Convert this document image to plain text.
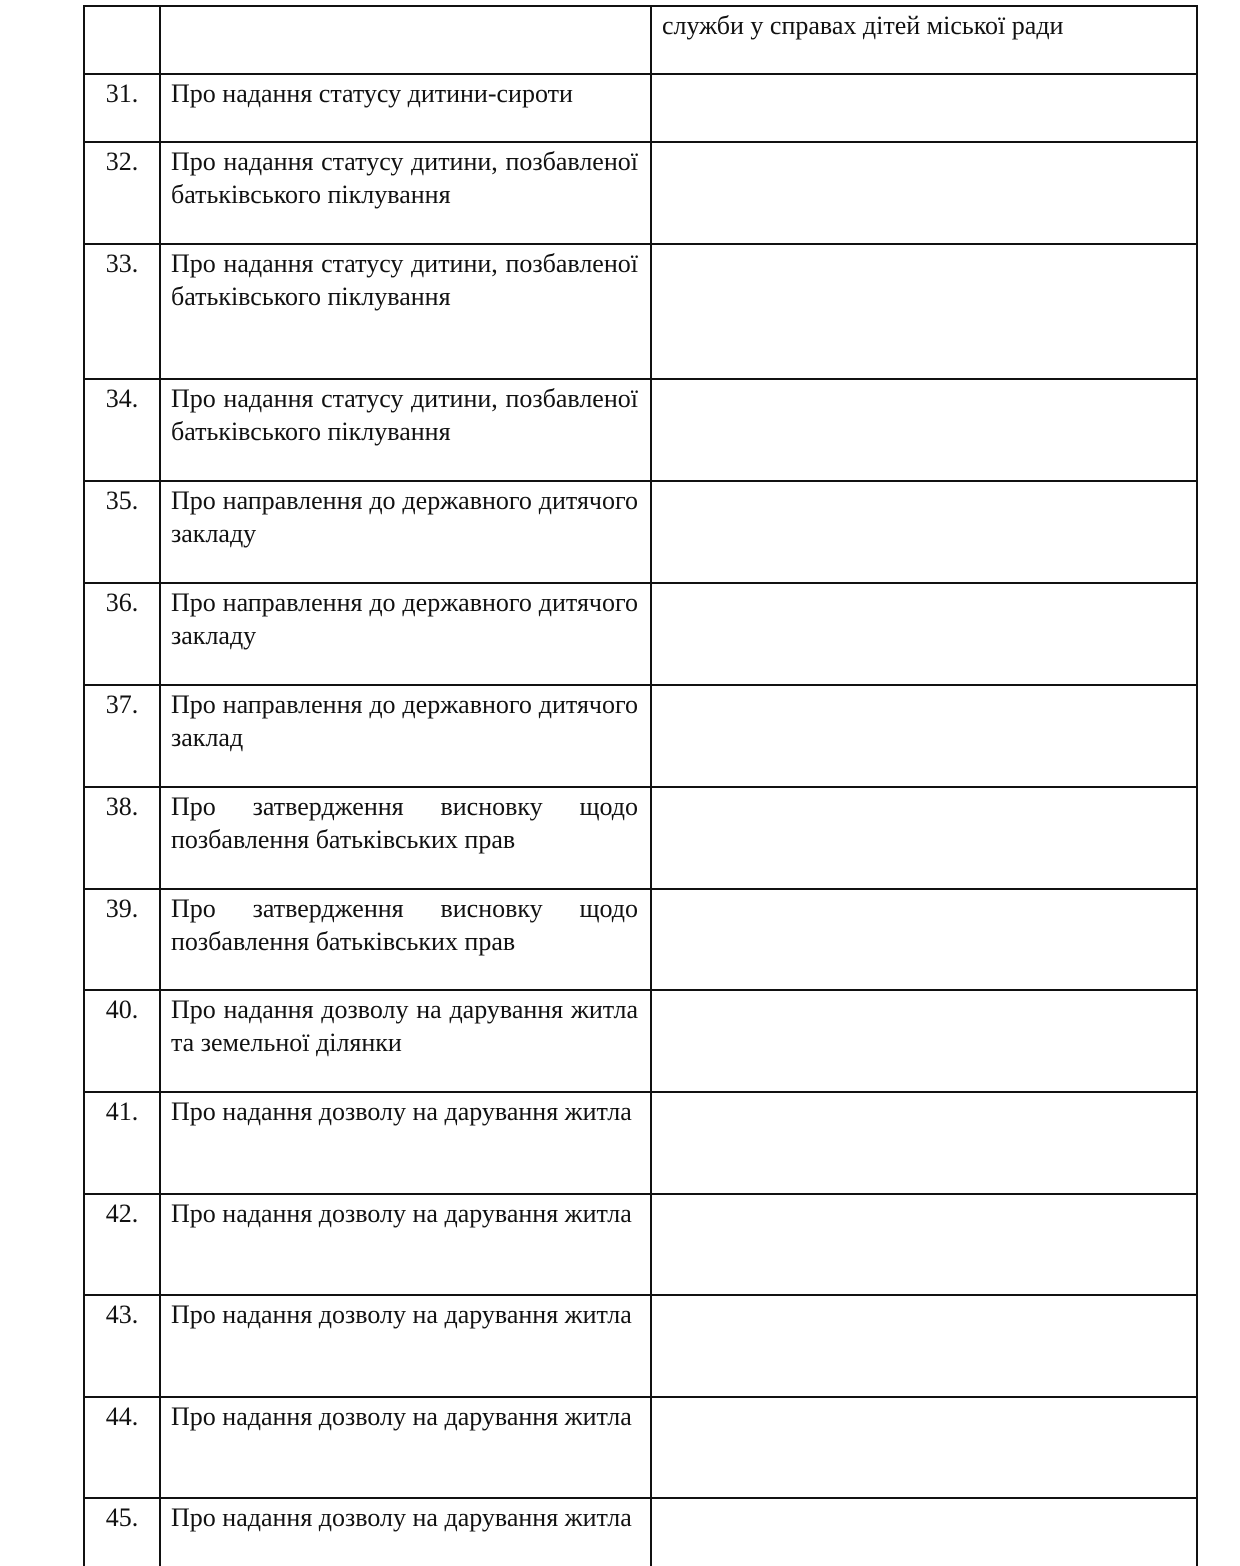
		служби у справах дітей міської ради
31.	Про надання статусу дитини-сироти	
32.	Про надання статусу дитини, позбавленої батьківського піклування	
33.	Про надання статусу дитини, позбавленої батьківського піклування	
34.	Про надання статусу дитини, позбавленої батьківського піклування	
35.	Про направлення до державного дитячого закладу	
36.	Про направлення до державного дитячого закладу	
37.	Про направлення до державного дитячого заклад	
38.	Про затвердження висновку щодо позбавлення батьківських прав	
39.	Про затвердження висновку щодо позбавлення батьківських прав	
40.	Про надання дозволу на дарування житла та земельної ділянки	
41.	Про надання дозволу на дарування житла	
42.	Про надання дозволу на дарування житла	
43.	Про надання дозволу на дарування житла	
44.	Про надання дозволу на дарування житла	
45.	Про надання дозволу на дарування житла	
